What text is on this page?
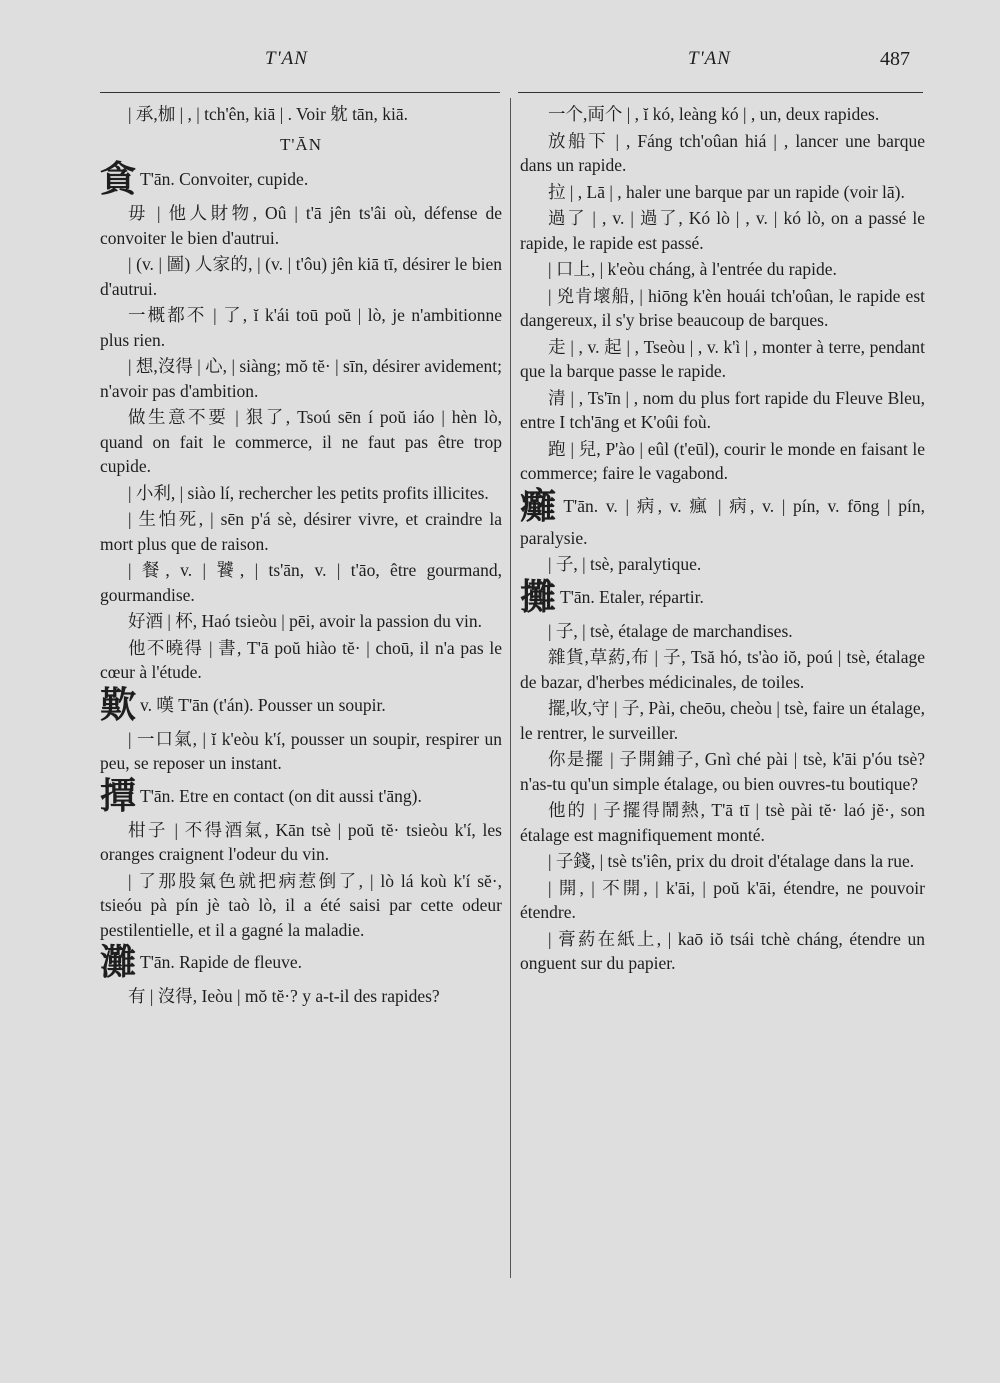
T'AN	T'AN	487
| 承,枷 | , | tch'ên, kiā | . Voir 躭 tān, kiā.
T'ĀN
貪 T'ān. Convoiter, cupide.
毋 | 他人財物, Oû | t'ā jên ts'âi où, défense de convoiter le bien d'autrui.
| (v. | 圖) 人家的, | (v. | t'ôu) jên kiā tī, désirer le bien d'autrui.
一概都不 | 了, ĭ k'ái toū poŭ | lò, je n'ambitionne plus rien.
| 想,沒得 | 心, | siàng; mŏ tĕ· | sīn, désirer avidement; n'avoir pas d'ambition.
做生意不要 | 狠了, Tsoú sēn í poŭ iáo | hèn lò, quand on fait le commerce, il ne faut pas être trop cupide.
| 小利, | siào lí, rechercher les petits profits illicites.
| 生怕死, | sēn p'á sè, désirer vivre, et craindre la mort plus que de raison.
| 餐, v. | 饕, | ts'ān, v. | t'āo, être gourmand, gourmandise.
好酒 | 杯, Haó tsieòu | pēi, avoir la passion du vin.
他不曉得 | 書, T'ā poŭ hiào tĕ· | choū, il n'a pas le cœur à l'étude.
歎v. 嘆 T'ān (t'án). Pousser un soupir.
| 一口氣, | ĭ k'eòu k'í, pousser un soupir, respirer un peu, se reposer un instant.
撢 T'ān. Etre en contact (on dit aussi t'āng).
柑子 | 不得酒氣, Kān tsè | poŭ tĕ· tsieòu k'í, les oranges craignent l'odeur du vin.
| 了那股氣色就把病惹倒了, | lò lá koù k'í sĕ·, tsieóu pà pín jè taò lò, il a été saisi par cette odeur pestilentielle, et il a gagné la maladie.
灘 T'ān. Rapide de fleuve.
有 | 沒得, Ieòu | mŏ tĕ·? y a-t-il des rapides?
一个,両个 | , ĭ kó, leàng kó | , un, deux rapides.
放船下 | , Fáng tch'oûan hiá | , lancer une barque dans un rapide.
拉 | , Lā | , haler une barque par un rapide (voir lā).
過了 | , v. | 過了, Kó lò | , v. | kó lò, on a passé le rapide, le rapide est passé.
| 口上, | k'eòu cháng, à l'entrée du rapide.
| 兇肯壞船, | hiōng k'èn houái tch'oûan, le rapide est dangereux, il s'y brise beaucoup de barques.
走 | , v. 起 | , Tseòu | , v. k'ì | , monter à terre, pendant que la barque passe le rapide.
清 | , Ts'īn | , nom du plus fort rapide du Fleuve Bleu, entre I tch'āng et K'oûi foù.
跑 | 兒, P'ào | eûl (t'eūl), courir le monde en faisant le commerce; faire le vagabond.
癱 T'ān. v. | 病, v. 瘋 | 病, v. | pín, v. fōng | pín, paralysie.
| 子, | tsè, paralytique.
攤 T'ān. Etaler, répartir.
| 子, | tsè, étalage de marchandises.
雜貨,草葯,布 | 子, Tsă hó, ts'ào iŏ, poú | tsè, étalage de bazar, d'herbes médicinales, de toiles.
擺,收,守 | 子, Pài, cheōu, cheòu | tsè, faire un étalage, le rentrer, le surveiller.
你是擺 | 子開鋪子, Gnì ché pài | tsè, k'āi p'óu tsè? n'as-tu qu'un simple étalage, ou bien ouvres-tu boutique?
他的 | 子擺得鬧熱, T'ā tī | tsè pài tĕ· laó jĕ·, son étalage est magnifiquement monté.
| 子錢, | tsè ts'iên, prix du droit d'étalage dans la rue.
| 開, | 不開, | k'āi, | poŭ k'āi, étendre, ne pouvoir étendre.
| 膏葯在紙上, | kaō iŏ tsái tchè cháng, étendre un onguent sur du papier.
